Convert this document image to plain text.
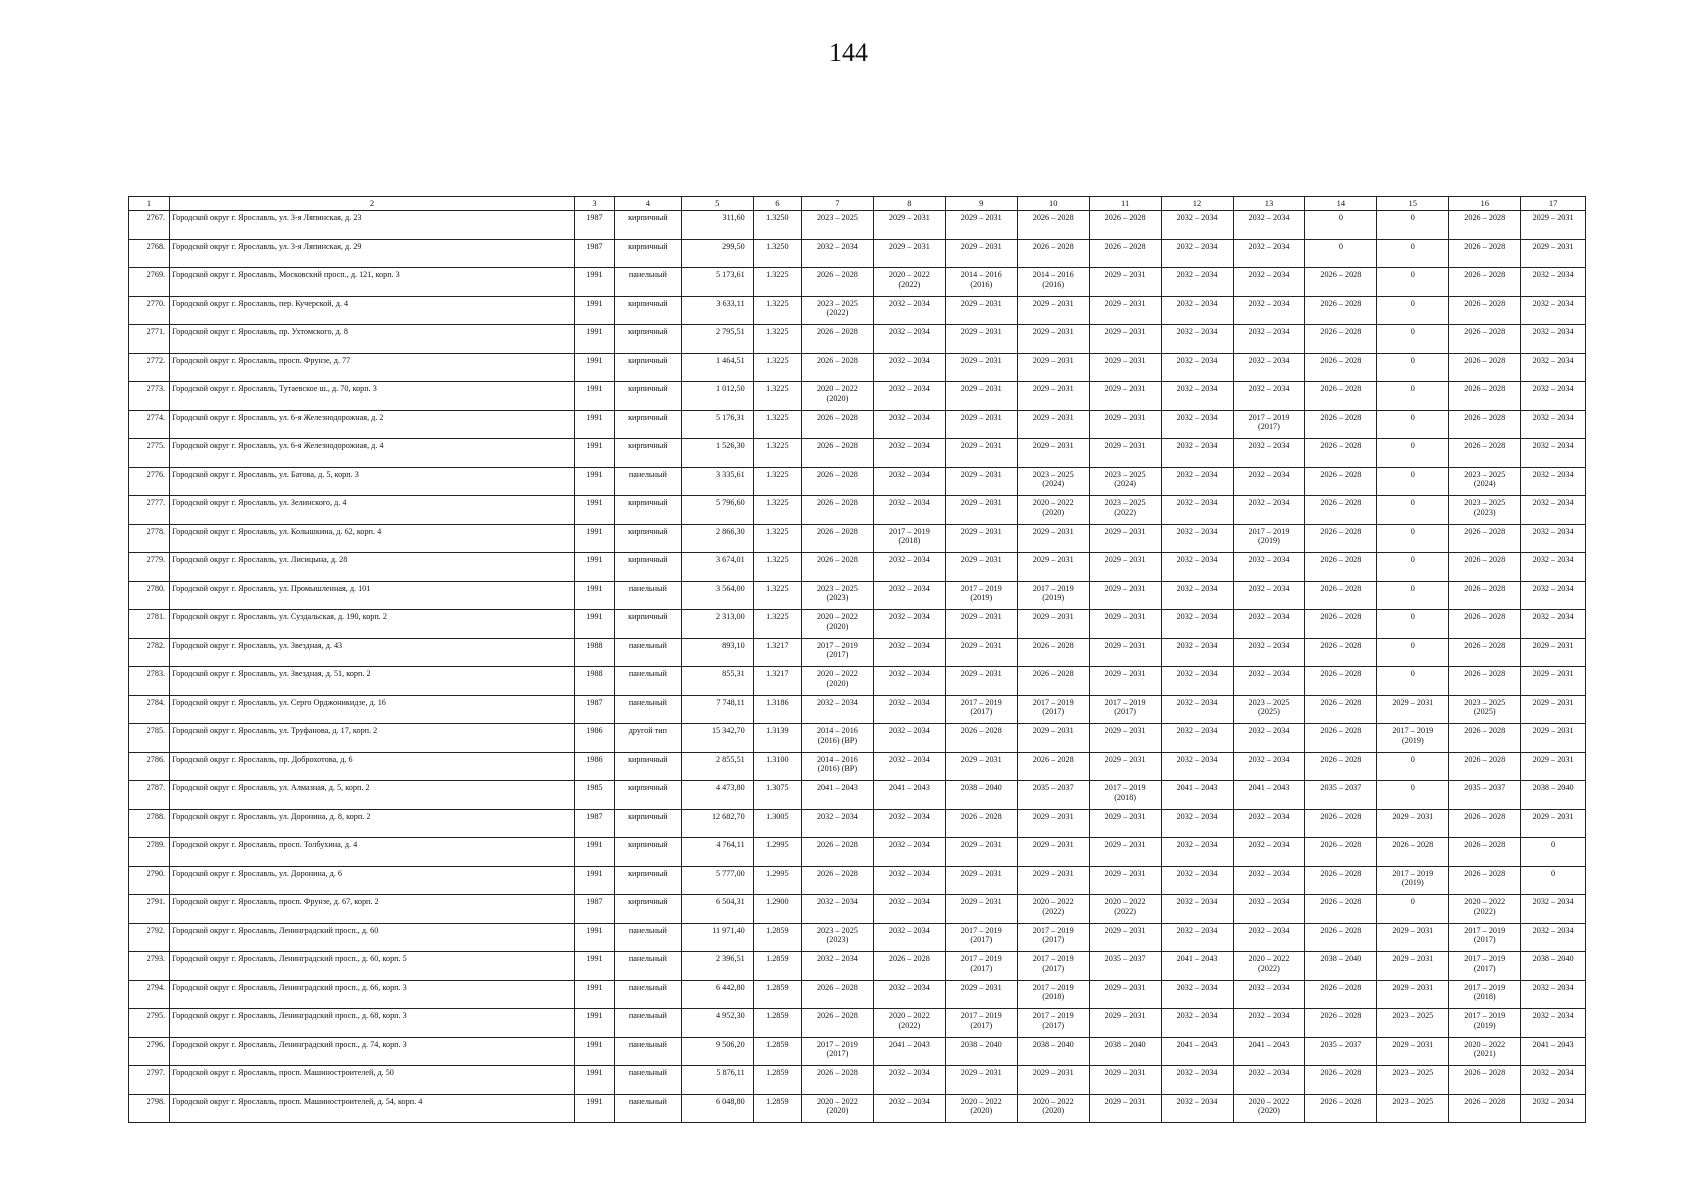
144
1	2	3	4	5	6	7	8	9	10	11	12	13	14	15	16	17
2767.	Городской округ г. Ярославль, ул. 3-я Ляпинская, д. 23	1987	кирпичный	311,60	1.3250	2023 – 2025	2029 – 2031	2029 – 2031	2026 – 2028	2026 – 2028	2032 – 2034	2032 – 2034	0	0	2026 – 2028	2029 – 2031
2768.	Городской округ г. Ярославль, ул. 3-я Ляпинская, д. 29	1987	кирпичный	299,50	1.3250	2032 – 2034	2029 – 2031	2029 – 2031	2026 – 2028	2026 – 2028	2032 – 2034	2032 – 2034	0	0	2026 – 2028	2029 – 2031
2769.	Городской округ г. Ярославль, Московский просп., д. 121, корп. 3	1991	панельный	5 173,61	1.3225	2026 – 2028	2020 – 2022
(2022)	2014 – 2016
(2016)	2014 – 2016
(2016)	2029 – 2031	2032 – 2034	2032 – 2034	2026 – 2028	0	2026 – 2028	2032 – 2034
2770.	Городской округ г. Ярославль, пер. Кучерской, д. 4	1991	кирпичный	3 633,11	1.3225	2023 – 2025
(2022)	2032 – 2034	2029 – 2031	2029 – 2031	2029 – 2031	2032 – 2034	2032 – 2034	2026 – 2028	0	2026 – 2028	2032 – 2034
2771.	Городской округ г. Ярославль, пр. Ухтомского, д. 8	1991	кирпичный	2 795,51	1.3225	2026 – 2028	2032 – 2034	2029 – 2031	2029 – 2031	2029 – 2031	2032 – 2034	2032 – 2034	2026 – 2028	0	2026 – 2028	2032 – 2034
2772.	Городской округ г. Ярославль, просп. Фрунзе, д. 77	1991	кирпичный	1 464,51	1.3225	2026 – 2028	2032 – 2034	2029 – 2031	2029 – 2031	2029 – 2031	2032 – 2034	2032 – 2034	2026 – 2028	0	2026 – 2028	2032 – 2034
2773.	Городской округ г. Ярославль, Тутаевское ш., д. 70, корп. 3	1991	кирпичный	1 012,50	1.3225	2020 – 2022
(2020)	2032 – 2034	2029 – 2031	2029 – 2031	2029 – 2031	2032 – 2034	2032 – 2034	2026 – 2028	0	2026 – 2028	2032 – 2034
2774.	Городской округ г. Ярославль, ул. 6-я Железнодорожная, д. 2	1991	кирпичный	5 176,31	1.3225	2026 – 2028	2032 – 2034	2029 – 2031	2029 – 2031	2029 – 2031	2032 – 2034	2017 – 2019
(2017)	2026 – 2028	0	2026 – 2028	2032 – 2034
2775.	Городской округ г. Ярославль, ул. 6-я Железнодорожная, д. 4	1991	кирпичный	1 526,30	1.3225	2026 – 2028	2032 – 2034	2029 – 2031	2029 – 2031	2029 – 2031	2032 – 2034	2032 – 2034	2026 – 2028	0	2026 – 2028	2032 – 2034
2776.	Городской округ г. Ярославль, ул. Батова, д. 5, корп. 3	1991	панельный	3 335,61	1.3225	2026 – 2028	2032 – 2034	2029 – 2031	2023 – 2025
(2024)	2023 – 2025
(2024)	2032 – 2034	2032 – 2034	2026 – 2028	0	2023 – 2025
(2024)	2032 – 2034
2777.	Городской округ г. Ярославль, ул. Зелинского, д. 4	1991	кирпичный	5 796,60	1.3225	2026 – 2028	2032 – 2034	2029 – 2031	2020 – 2022
(2020)	2023 – 2025
(2022)	2032 – 2034	2032 – 2034	2026 – 2028	0	2023 – 2025
(2023)	2032 – 2034
2778.	Городской округ г. Ярославль, ул. Колышкина, д. 62, корп. 4	1991	кирпичный	2 866,30	1.3225	2026 – 2028	2017 – 2019
(2018)	2029 – 2031	2029 – 2031	2029 – 2031	2032 – 2034	2017 – 2019
(2019)	2026 – 2028	0	2026 – 2028	2032 – 2034
2779.	Городской округ г. Ярославль, ул. Лисицына, д. 28	1991	кирпичный	3 674,01	1.3225	2026 – 2028	2032 – 2034	2029 – 2031	2029 – 2031	2029 – 2031	2032 – 2034	2032 – 2034	2026 – 2028	0	2026 – 2028	2032 – 2034
2780.	Городской округ г. Ярославль, ул. Промышленная, д. 101	1991	панельный	3 564,00	1.3225	2023 – 2025
(2023)	2032 – 2034	2017 – 2019
(2019)	2017 – 2019
(2019)	2029 – 2031	2032 – 2034	2032 – 2034	2026 – 2028	0	2026 – 2028	2032 – 2034
2781.	Городской округ г. Ярославль, ул. Суздальская, д. 190, корп. 2	1991	кирпичный	2 313,00	1.3225	2020 – 2022
(2020)	2032 – 2034	2029 – 2031	2029 – 2031	2029 – 2031	2032 – 2034	2032 – 2034	2026 – 2028	0	2026 – 2028	2032 – 2034
2782.	Городской округ г. Ярославль, ул. Звездная, д. 43	1988	панельный	893,10	1.3217	2017 – 2019
(2017)	2032 – 2034	2029 – 2031	2026 – 2028	2029 – 2031	2032 – 2034	2032 – 2034	2026 – 2028	0	2026 – 2028	2029 – 2031
2783.	Городской округ г. Ярославль, ул. Звездная, д. 51, корп. 2	1988	панельный	855,31	1.3217	2020 – 2022
(2020)	2032 – 2034	2029 – 2031	2026 – 2028	2029 – 2031	2032 – 2034	2032 – 2034	2026 – 2028	0	2026 – 2028	2029 – 2031
2784.	Городской округ г. Ярославль, ул. Серго Орджоникидзе, д. 16	1987	панельный	7 748,11	1.3186	2032 – 2034	2032 – 2034	2017 – 2019
(2017)	2017 – 2019
(2017)	2017 – 2019
(2017)	2032 – 2034	2023 – 2025
(2025)	2026 – 2028	2029 – 2031	2023 – 2025
(2025)	2029 – 2031
2785.	Городской округ г. Ярославль, ул. Труфанова, д. 17, корп. 2	1986	другой тип	15 342,70	1.3139	2014 – 2016
(2016) (ВР)	2032 – 2034	2026 – 2028	2029 – 2031	2029 – 2031	2032 – 2034	2032 – 2034	2026 – 2028	2017 – 2019
(2019)	2026 – 2028	2029 – 2031
2786.	Городской округ г. Ярославль, пр. Доброхотова, д. 6	1986	кирпичный	2 855,51	1.3100	2014 – 2016
(2016) (ВР)	2032 – 2034	2029 – 2031	2026 – 2028	2029 – 2031	2032 – 2034	2032 – 2034	2026 – 2028	0	2026 – 2028	2029 – 2031
2787.	Городской округ г. Ярославль, ул. Алмазная, д. 5, корп. 2	1985	кирпичный	4 473,80	1.3075	2041 – 2043	2041 – 2043	2038 – 2040	2035 – 2037	2017 – 2019
(2018)	2041 – 2043	2041 – 2043	2035 – 2037	0	2035 – 2037	2038 – 2040
2788.	Городской округ г. Ярославль, ул. Доронина, д. 8, корп. 2	1987	кирпичный	12 682,70	1.3005	2032 – 2034	2032 – 2034	2026 – 2028	2029 – 2031	2029 – 2031	2032 – 2034	2032 – 2034	2026 – 2028	2029 – 2031	2026 – 2028	2029 – 2031
2789.	Городской округ г. Ярославль, просп. Толбухина, д. 4	1991	кирпичный	4 764,11	1.2995	2026 – 2028	2032 – 2034	2029 – 2031	2029 – 2031	2029 – 2031	2032 – 2034	2032 – 2034	2026 – 2028	2026 – 2028	2026 – 2028	0
2790.	Городской округ г. Ярославль, ул. Доронина, д. 6	1991	кирпичный	5 777,00	1.2995	2026 – 2028	2032 – 2034	2029 – 2031	2029 – 2031	2029 – 2031	2032 – 2034	2032 – 2034	2026 – 2028	2017 – 2019
(2019)	2026 – 2028	0
2791.	Городской округ г. Ярославль, просп. Фрунзе, д. 67, корп. 2	1987	кирпичный	6 504,31	1.2900	2032 – 2034	2032 – 2034	2029 – 2031	2020 – 2022
(2022)	2020 – 2022
(2022)	2032 – 2034	2032 – 2034	2026 – 2028	0	2020 – 2022
(2022)	2032 – 2034
2792.	Городской округ г. Ярославль, Ленинградский просп., д. 60	1991	панельный	11 971,40	1.2859	2023 – 2025
(2023)	2032 – 2034	2017 – 2019
(2017)	2017 – 2019
(2017)	2029 – 2031	2032 – 2034	2032 – 2034	2026 – 2028	2029 – 2031	2017 – 2019
(2017)	2032 – 2034
2793.	Городской округ г. Ярославль, Ленинградский просп., д. 60, корп. 5	1991	панельный	2 396,51	1.2859	2032 – 2034	2026 – 2028	2017 – 2019
(2017)	2017 – 2019
(2017)	2035 – 2037	2041 – 2043	2020 – 2022
(2022)	2038 – 2040	2029 – 2031	2017 – 2019
(2017)	2038 – 2040
2794.	Городской округ г. Ярославль, Ленинградский просп., д. 66, корп. 3	1991	панельный	6 442,80	1.2859	2026 – 2028	2032 – 2034	2029 – 2031	2017 – 2019
(2018)	2029 – 2031	2032 – 2034	2032 – 2034	2026 – 2028	2029 – 2031	2017 – 2019
(2018)	2032 – 2034
2795.	Городской округ г. Ярославль, Ленинградский просп., д. 68, корп. 3	1991	панельный	4 952,30	1.2859	2026 – 2028	2020 – 2022
(2022)	2017 – 2019
(2017)	2017 – 2019
(2017)	2029 – 2031	2032 – 2034	2032 – 2034	2026 – 2028	2023 – 2025	2017 – 2019
(2019)	2032 – 2034
2796.	Городской округ г. Ярославль, Ленинградский просп., д. 74, корп. 3	1991	панельный	9 506,20	1.2859	2017 – 2019
(2017)	2041 – 2043	2038 – 2040	2038 – 2040	2038 – 2040	2041 – 2043	2041 – 2043	2035 – 2037	2029 – 2031	2020 – 2022
(2021)	2041 – 2043
2797.	Городской округ г. Ярославль, просп. Машиностроителей, д. 50	1991	панельный	5 876,11	1.2859	2026 – 2028	2032 – 2034	2029 – 2031	2029 – 2031	2029 – 2031	2032 – 2034	2032 – 2034	2026 – 2028	2023 – 2025	2026 – 2028	2032 – 2034
2798.	Городской округ г. Ярославль, просп. Машиностроителей, д. 54, корп. 4	1991	панельный	6 048,80	1.2859	2020 – 2022
(2020)	2032 – 2034	2020 – 2022
(2020)	2020 – 2022
(2020)	2029 – 2031	2032 – 2034	2020 – 2022
(2020)	2026 – 2028	2023 – 2025	2026 – 2028	2032 – 2034
